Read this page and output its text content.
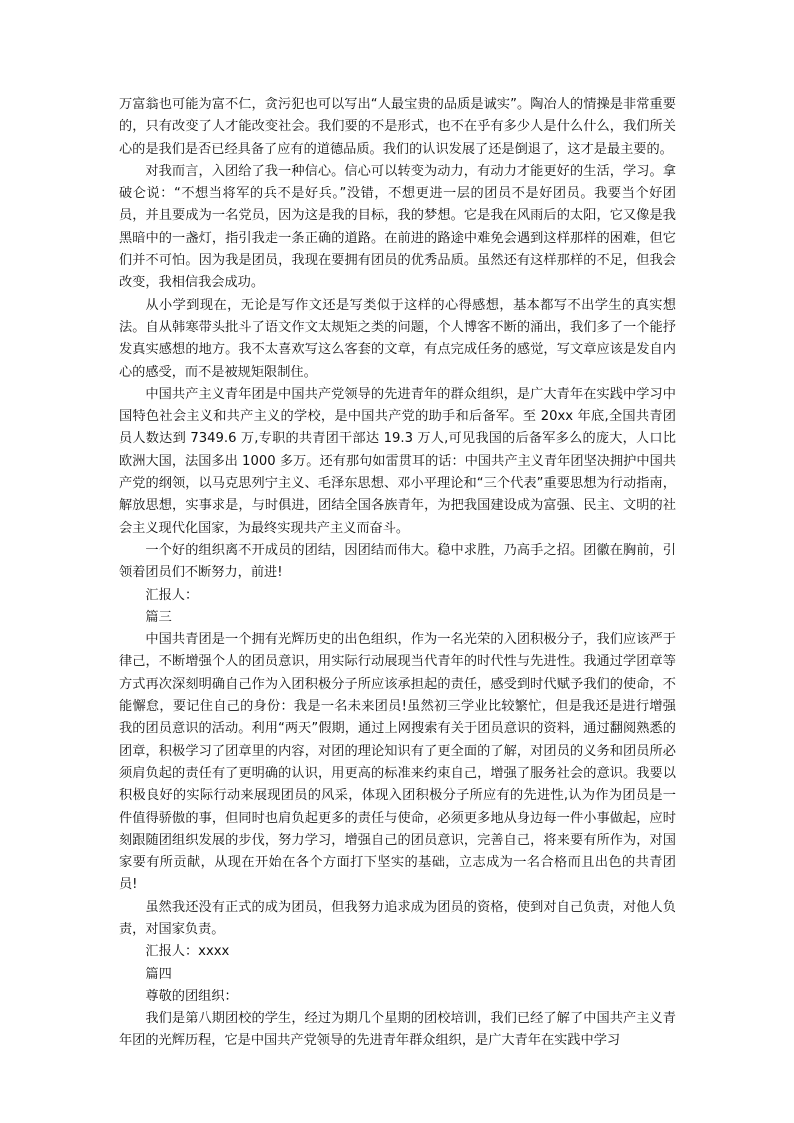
万富翁也可能为富不仁，贪污犯也可以写出“人最宝贵的品质是诚实”。陶冶人的情操是非常重要的，只有改变了人才能改变社会。我们要的不是形式，也不在乎有多少人是什么什么，我们所关心的是我们是否已经具备了应有的道德品质。我们的认识发展了还是倒退了，这才是最主要的。

对我而言，入团给了我一种信心。信心可以转变为动力，有动力才能更好的生活，学习。拿破仑说：“不想当将军的兵不是好兵。”没错，不想更进一层的团员不是好团员。我要当个好团员，并且要成为一名党员，因为这是我的目标，我的梦想。它是我在风雨后的太阳，它又像是我黑暗中的一盏灯，指引我走一条正确的道路。在前进的路途中难免会遇到这样那样的困难，但它们并不可怕。因为我是团员，我现在要拥有团员的优秀品质。虽然还有这样那样的不足，但我会改变，我相信我会成功。

从小学到现在，无论是写作文还是写类似于这样的心得感想，基本都写不出学生的真实想法。自从韩寒带头批斗了语文作文太规矩之类的问题，个人博客不断的涌出，我们多了一个能抒发真实感想的地方。我不太喜欢写这么客套的文章，有点完成任务的感觉，写文章应该是发自内心的感受，而不是被规矩限制住。

中国共产主义青年团是中国共产党领导的先进青年的群众组织，是广大青年在实践中学习中国特色社会主义和共产主义的学校，是中国共产党的助手和后备军。至 20xx 年底,全国共青团员人数达到 7349.6 万,专职的共青团干部达 19.3 万人,可见我国的后备军多么的庞大，人口比欧洲大国，法国多出 1000 多万。还有那句如雷贯耳的话：中国共产主义青年团坚决拥护中国共产党的纲领，以马克思列宁主义、毛泽东思想、邓小平理论和“三个代表”重要思想为行动指南，解放思想，实事求是，与时俱进，团结全国各族青年，为把我国建设成为富强、民主、文明的社会主义现代化国家，为最终实现共产主义而奋斗。

一个好的组织离不开成员的团结，因团结而伟大。稳中求胜，乃高手之招。团徽在胸前，引领着团员们不断努力，前进!

汇报人：

篇三

中国共青团是一个拥有光辉历史的出色组织，作为一名光荣的入团积极分子，我们应该严于律己，不断增强个人的团员意识，用实际行动展现当代青年的时代性与先进性。我通过学团章等方式再次深刻明确自己作为入团积极分子所应该承担起的责任，感受到时代赋予我们的使命，不能懈怠，要记住自己的身份：我是一名未来团员!虽然初三学业比较繁忙，但是我还是进行增强我的团员意识的活动。利用“两天”假期，通过上网搜索有关于团员意识的资料，通过翻阅熟悉的团章，积极学习了团章里的内容，对团的理论知识有了更全面的了解，对团员的义务和团员所必须肩负起的责任有了更明确的认识，用更高的标准来约束自己，增强了服务社会的意识。我要以积极良好的实际行动来展现团员的风采，体现入团积极分子所应有的先进性,认为作为团员是一件值得骄傲的事，但同时也肩负起更多的责任与使命，必须更多地从身边每一件小事做起，应时刻跟随团组织发展的步伐，努力学习，增强自己的团员意识，完善自己，将来要有所作为，对国家要有所贡献，从现在开始在各个方面打下坚实的基础，立志成为一名合格而且出色的共青团员!

虽然我还没有正式的成为团员，但我努力追求成为团员的资格，使到对自己负责，对他人负责，对国家负责。

汇报人：xxxx

篇四

尊敬的团组织：

我们是第八期团校的学生，经过为期几个星期的团校培训，我们已经了解了中国共产主义青年团的光辉历程，它是中国共产党领导的先进青年群众组织，是广大青年在实践中学习
